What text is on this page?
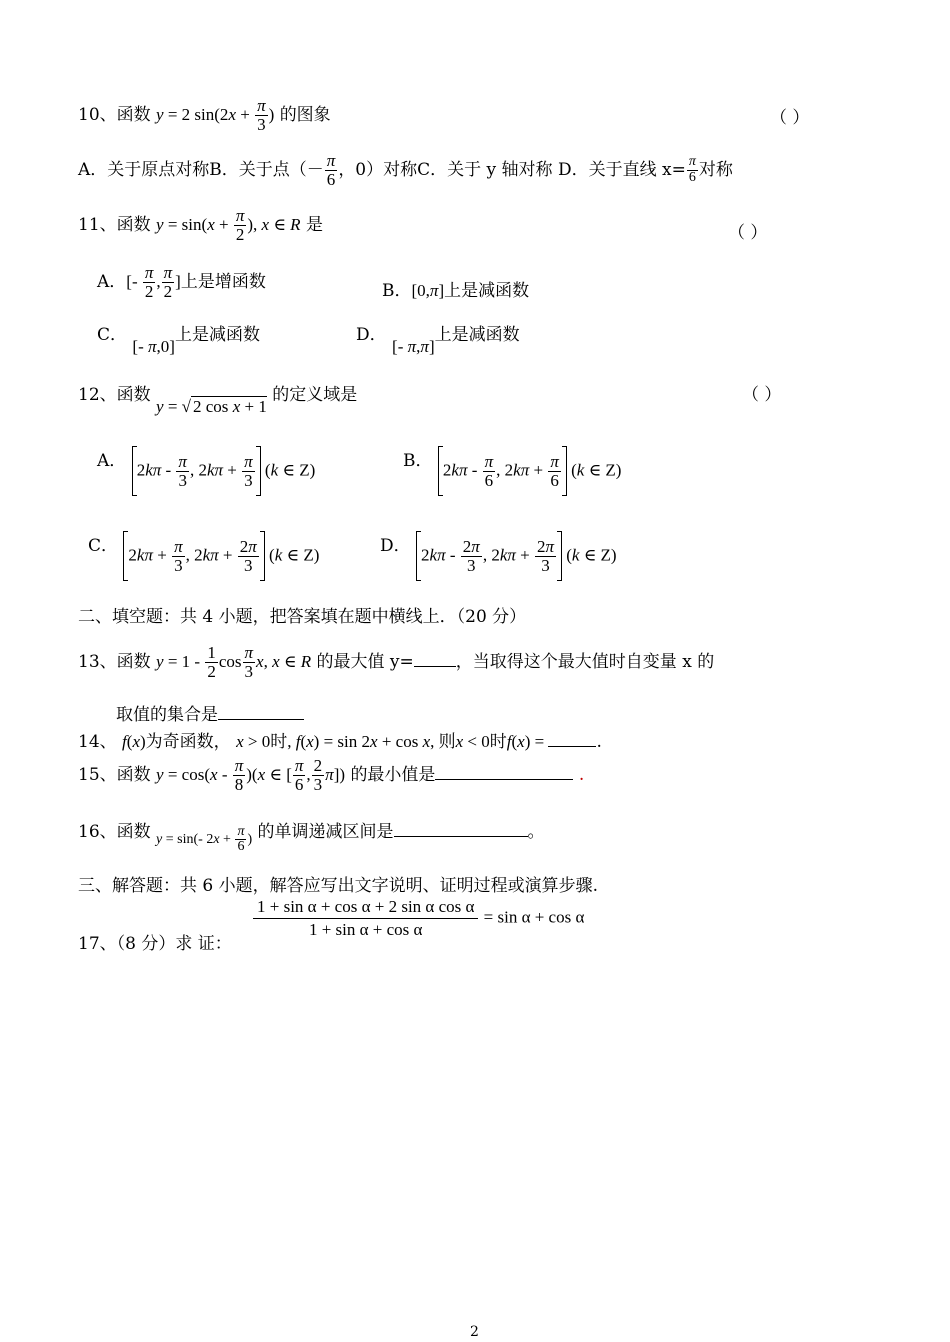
10、函数 y = 2 $\sin(2x + \frac{\pi}{3}$ ) 的图象	（ ）
A．关于原点对称B．关于点（－ $\frac{\pi}{6}$ ，0）对称C．关于 y 轴对称 D．关于直线 $x= \frac{\pi}{6}$ 对称
11、函数 $y = \sin(x + \frac{\pi}{2}$ ), x ∈ R 是	（ ）
A．[- $\frac{\pi}{2}$ , $\frac{\pi}{2}$ ]上是增函数	B．[0,π]上是减函数
C． [- π,0]上是减函数	D． [- π,π]上是减函数
12、函数 y = √ 2 cos x + 1 的定义域是	（ ）
A． $2k\pi - \frac{\pi}{3}$ , $2k\pi + \frac{\pi}{3} (k$ ∈ Z)	B． $2k\pi - \frac{\pi}{6}$ , $2k\pi + \frac{\pi}{6} (k$ ∈ Z)
C． $2k\pi + \frac{\pi}{3}$ , $2k\pi + \frac{2\pi}{3} (k$ ∈ Z)	D． $2k\pi - \frac{2\pi}{3}$ , $2k\pi + \frac{2\pi}{3} (k$ ∈ Z)
二、填空题：共 4 小题，把答案填在题中横线上．（20 分）
13、函数 $y = 1 - \frac{1}{2}$ $\cos \frac{\pi}{3} x$, x ∈ R 的最大值 y= ，当取得这个最大值时自变量 x 的
取值的集合是
14、 f(x)为奇函数， x > 0时, f(x) = sin 2x + cos x, 则x < 0时f(x) =	.
15、函数 $y = \cos(x - \frac{\pi}{8} )(x$ ∈ [ $\frac{\pi}{6}$ , $\frac{2}{3} \pi$]) 的最小值是	.
16、函数 $_{y = sin(- 2x + \frac{\pi}{6} )}$ 的单调递减区间是	。
三、解答题：共 6 小题，解答应写出文字说明、证明过程或演算步骤.
17、（8 分）求 证：
$\frac{\text{1 + sin α + cos α + 2 sin α cos α}}{\text{1 + sin α + cos α}} = \sin \alpha + \cos \alpha$
2
